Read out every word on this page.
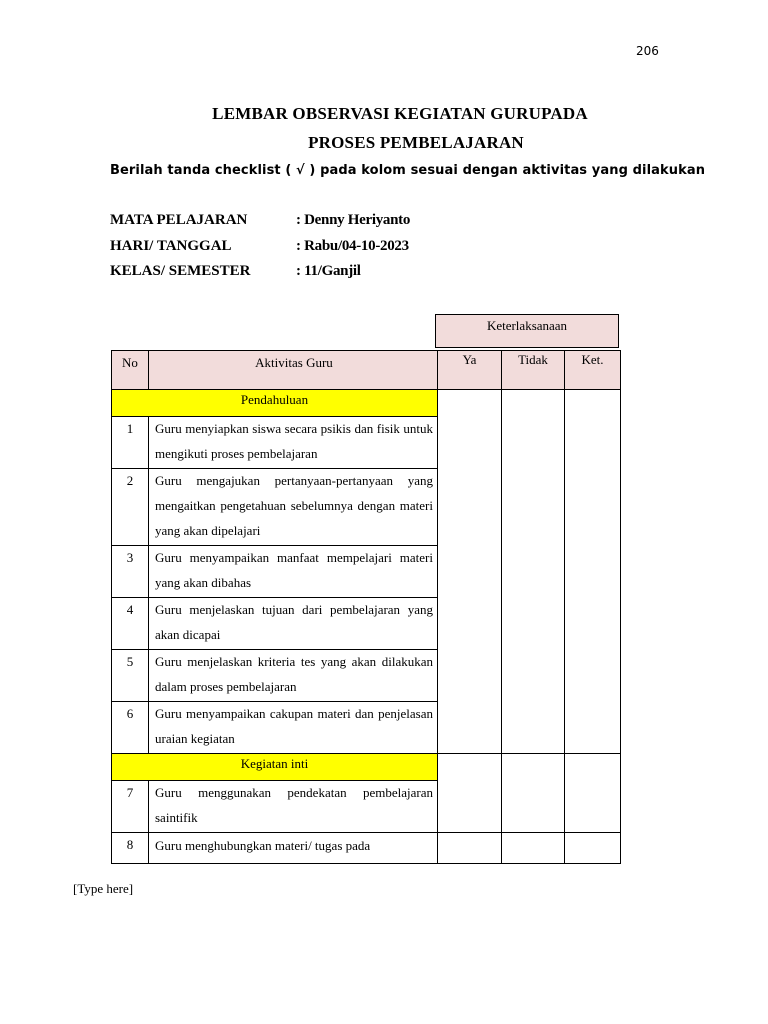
206
LEMBAR OBSERVASI KEGIATAN GURUPADA
PROSES PEMBELAJARAN
Berilah tanda checklist ( √ ) pada kolom sesuai dengan aktivitas yang dilakukan
MATA PELAJARAN	: Denny Heriyanto
HARI/ TANGGAL	: Rabu/04-10-2023
KELAS/ SEMESTER	: 11/Ganjil
Keterlaksanaan
No	Aktivitas Guru	Ya	Tidak	Ket.
Pendahuluan				
1	Guru menyiapkan siswa secara psikis dan fisik untuk mengikuti proses pembelajaran			

2	Guru mengajukan pertanyaan-pertanyaan yang mengaitkan pengetahuan sebelumnya dengan materi yang akan dipelajari			

3	Guru menyampaikan manfaat mempelajari materi yang akan dibahas			

4	Guru menjelaskan tujuan dari pembelajaran yang akan dicapai			

5	Guru menjelaskan kriteria tes yang akan dilakukan dalam proses pembelajaran			

6	Guru menyampaikan cakupan materi dan penjelasan uraian kegiatan			

Kegiatan inti				
7	Guru menggunakan pendekatan pembelajaran saintifik			

8	Guru menghubungkan materi/ tugas pada			

[Type here]
